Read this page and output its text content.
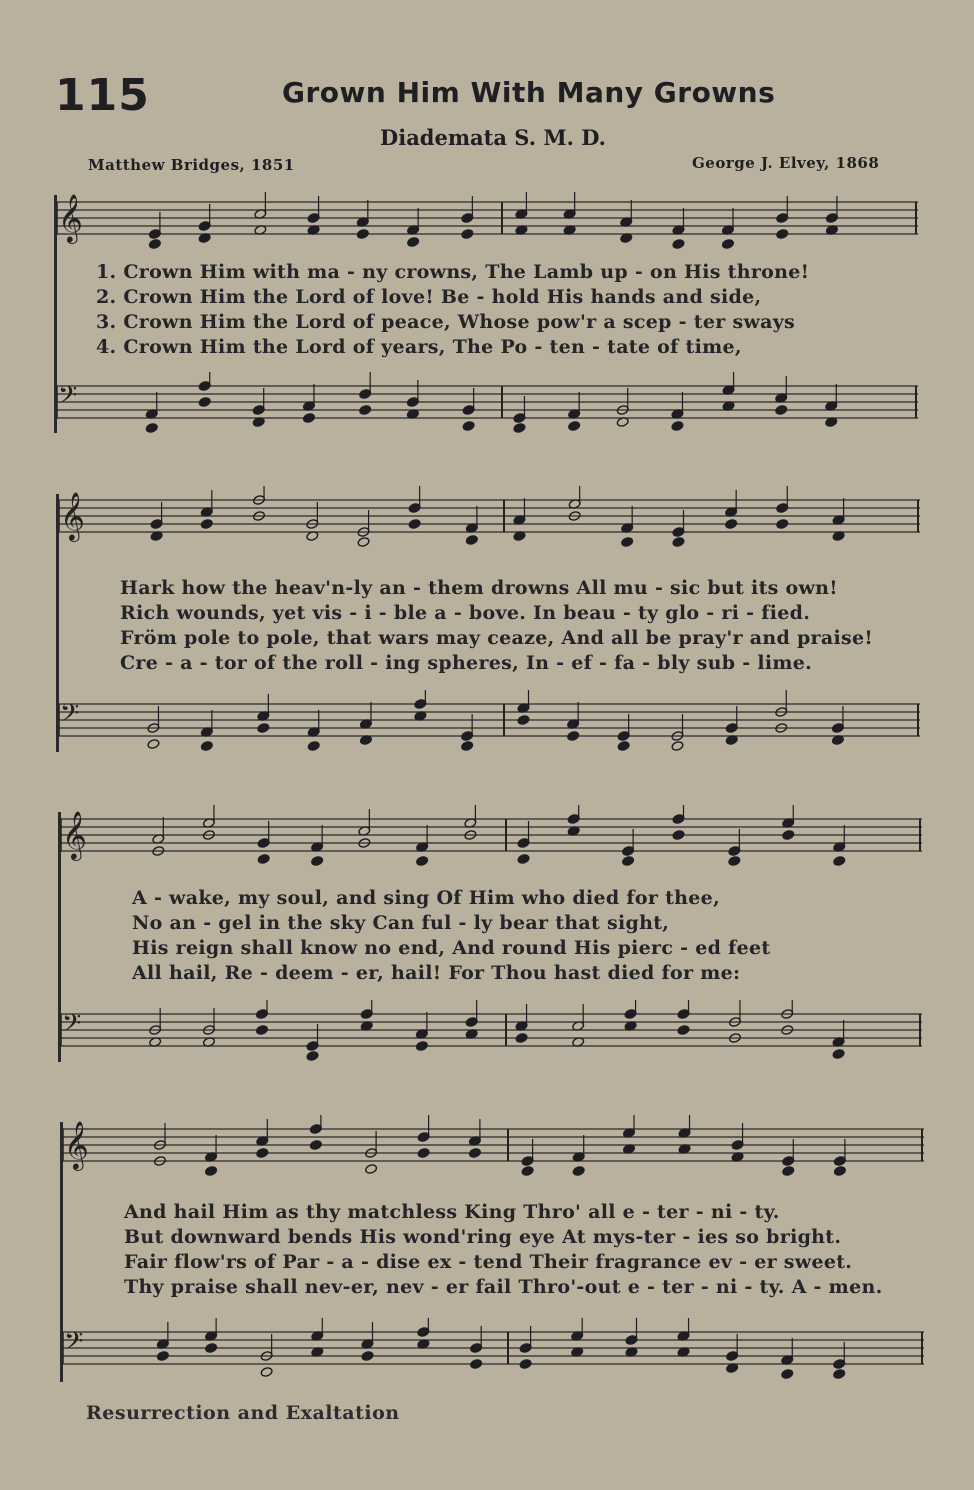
115	Grown Him With Many Growns
Diademata S. M. D.
Matthew Bridges, 1851	George J. Elvey, 1868
𝄞
1. Crown Him with ma - ny crowns, The Lamb up - on His throne!
2. Crown Him the Lord of love! Be - hold His hands and side,
3. Crown Him the Lord of peace, Whose pow'r a scep - ter sways
4. Crown Him the Lord of years, The Po - ten - tate of time,
𝄢
𝄞
Hark how the heav'n-ly an - them drowns All mu - sic but its own!
Rich wounds, yet vis - i - ble a - bove. In beau - ty glo - ri - fied.
Fröm pole to pole, that wars may ceaze, And all be pray'r and praise!
Cre - a - tor of the roll - ing spheres, In - ef - fa - bly sub - lime.
𝄢
𝄞
A - wake, my soul, and sing Of Him who died for thee,
No an - gel in the sky Can ful - ly bear that sight,
His reign shall know no end, And round His pierc - ed feet
All hail, Re - deem - er, hail! For Thou hast died for me:
𝄢
𝄞
And hail Him as thy matchless King Thro' all e - ter - ni - ty.
But downward bends His wond'ring eye At mys-ter - ies so bright.
Fair flow'rs of Par - a - dise ex - tend Their fragrance ev - er sweet.
Thy praise shall nev-er, nev - er fail Thro'-out e - ter - ni - ty. A - men.
𝄢
Resurrection and Exaltation
